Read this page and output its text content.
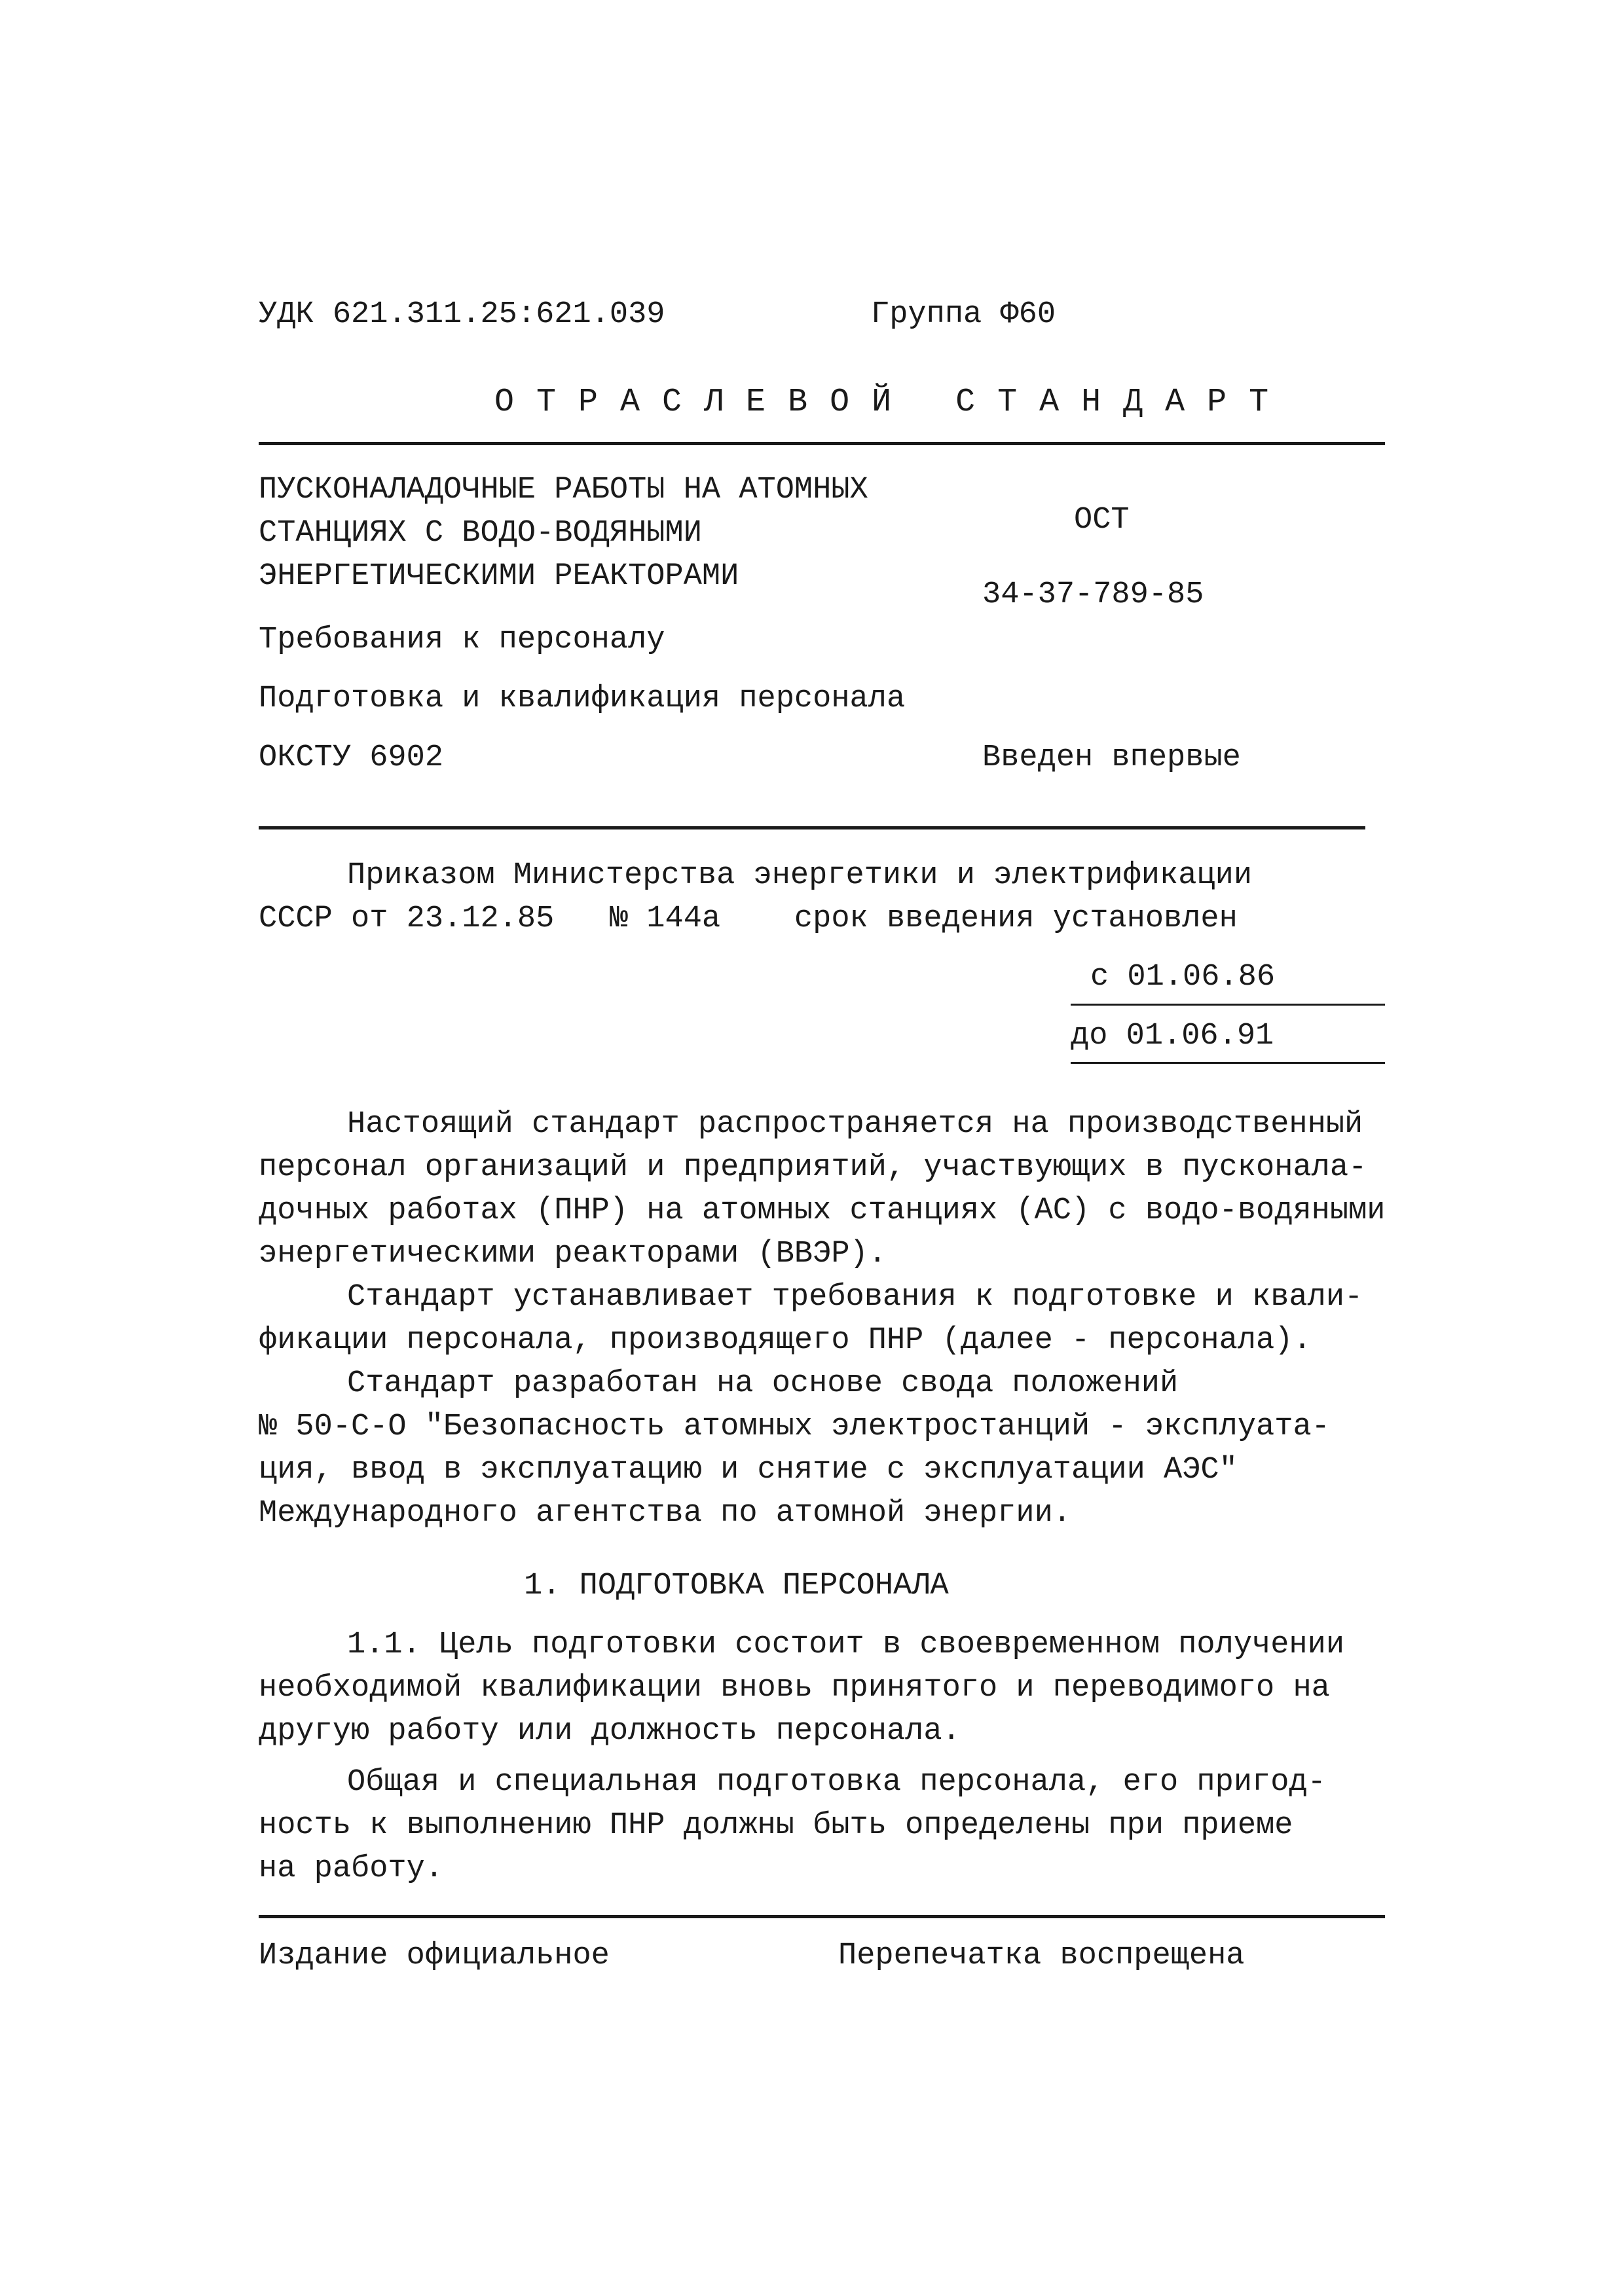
УДК 621.311.25:621.039	Группа Ф60
О Т Р А С Л Е В О Й   С Т А Н Д А Р Т
ПУСКОНАЛАДОЧНЫЕ РАБОТЫ НА АТОМНЫХ
СТАНЦИЯХ С ВОДО-ВОДЯНЫМИ
ЭНЕРГЕТИЧЕСКИМИ РЕАКТОРАМИ
ОСТ
34-37-789-85
Требования к персоналу
Подготовка и квалификация персонала
ОКСТУ 6902	Введен впервые
Приказом Министерства энергетики и электрификации
СССР от 23.12.85   № 144а    срок введения установлен
с 01.06.86
до 01.06.91
Настоящий стандарт распространяется на производственный
персонал организаций и предприятий, участвующих в пусконала-
дочных работах (ПНР) на атомных станциях (АС) с водо-водяными
энергетическими реакторами (ВВЭР).
Стандарт устанавливает требования к подготовке и квали-
фикации персонала, производящего ПНР (далее - персонала).
Стандарт разработан на основе свода положений
№ 50-С-О "Безопасность атомных электростанций - эксплуата-
ция, ввод в эксплуатацию и снятие с эксплуатации АЭС"
Международного агентства по атомной энергии.
1. ПОДГОТОВКА ПЕРСОНАЛА
1.1. Цель подготовки состоит в своевременном получении
необходимой квалификации вновь принятого и переводимого на
другую работу или должность персонала.
Общая и специальная подготовка персонала, его пригод-
ность к выполнению ПНР должны быть определены при приеме
на работу.
Издание официальное	Перепечатка воспрещена
